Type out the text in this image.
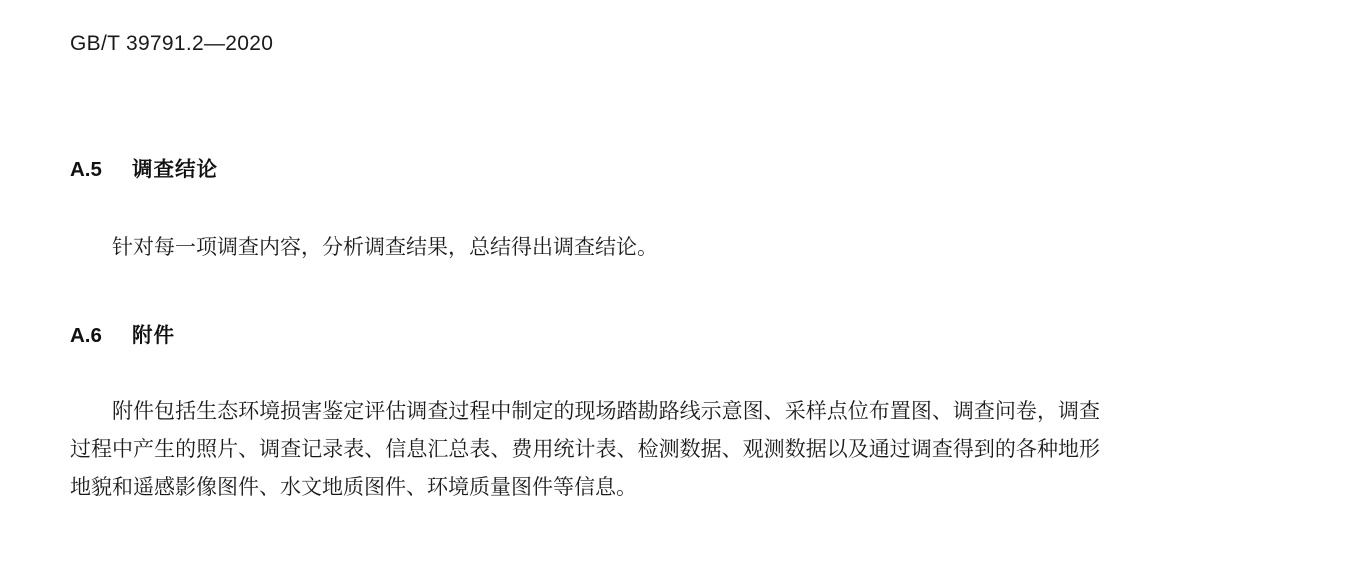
GB/T 39791.2—2020
A.5 调查结论

针对每一项调查内容，分析调查结果，总结得出调查结论。

A.6 附件

附件包括生态环境损害鉴定评估调查过程中制定的现场踏勘路线示意图、采样点位布置图、调查问卷，调查过程中产生的照片、调查记录表、信息汇总表、费用统计表、检测数据、观测数据以及通过调查得到的各种地形地貌和遥感影像图件、水文地质图件、环境质量图件等信息。
